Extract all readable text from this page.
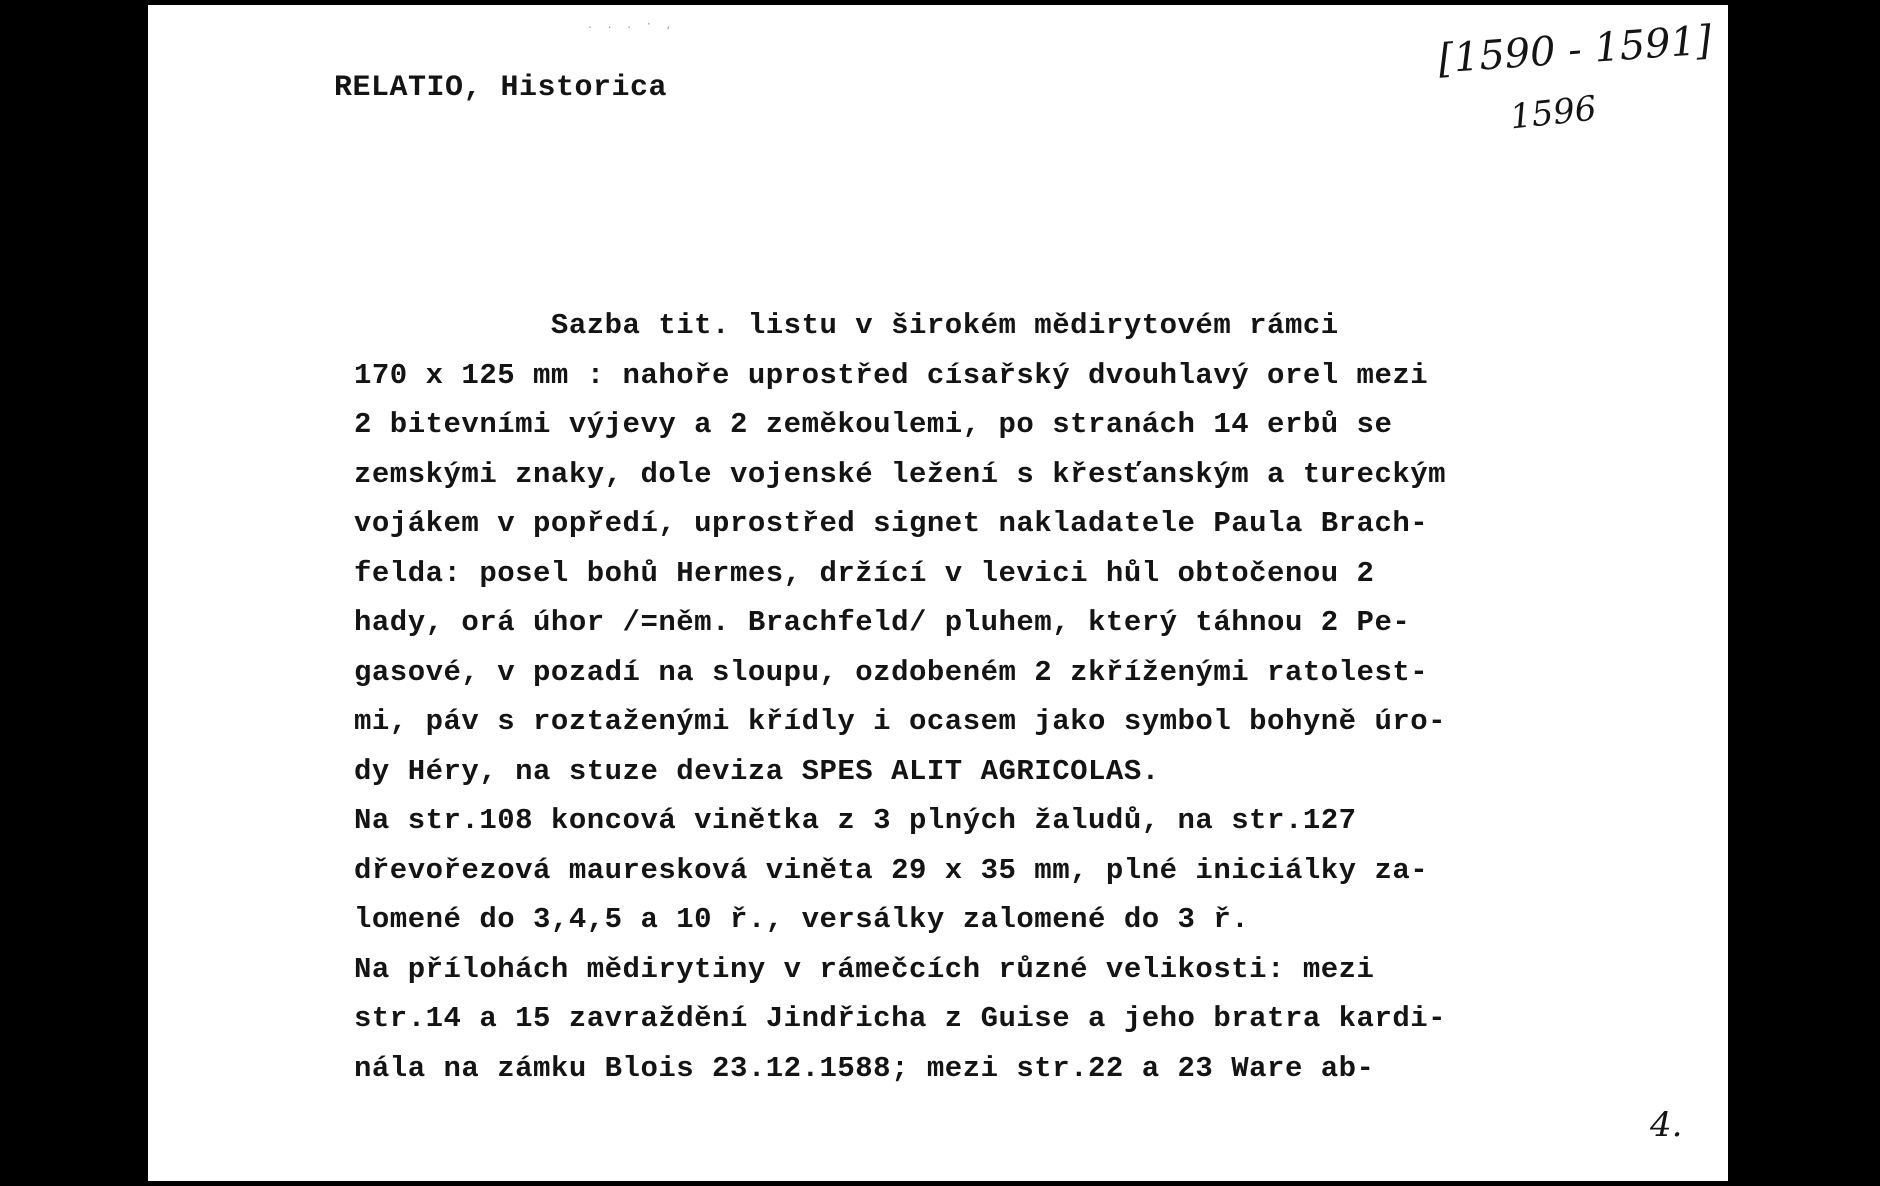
. . . · ,
RELATIO, Historica
[1590 - 1591]
1596
Sazba tit. listu v širokém mědirytovém rámci
170 x 125 mm : nahoře uprostřed císařský dvouhlavý orel mezi
2 bitevními výjevy a 2 zeměkoulemi, po stranách 14 erbů se
zemskými znaky, dole vojenské ležení s křesťanským a tureckým
vojákem v popředí, uprostřed signet nakladatele Paula Brach-
felda: posel bohů Hermes, držící v levici hůl obtočenou 2
hady, orá úhor /=něm. Brachfeld/ pluhem, který táhnou 2 Pe-
gasové, v pozadí na sloupu, ozdobeném 2 zkříženými ratolest-
mi, páv s roztaženými křídly i ocasem jako symbol bohyně úro-
dy Héry, na stuze deviza SPES ALIT AGRICOLAS.
Na str.108 koncová vinětka z 3 plných žaludů, na str.127
dřevořezová mauresková viněta 29 x 35 mm, plné iniciálky za-
lomené do 3,4,5 a 10 ř., versálky zalomené do 3 ř.
Na přílohách mědirytiny v rámečcích různé velikosti: mezi
str.14 a 15 zavraždění Jindřicha z Guise a jeho bratra kardi-
nála na zámku Blois 23.12.1588; mezi str.22 a 23 Ware ab-
4.
